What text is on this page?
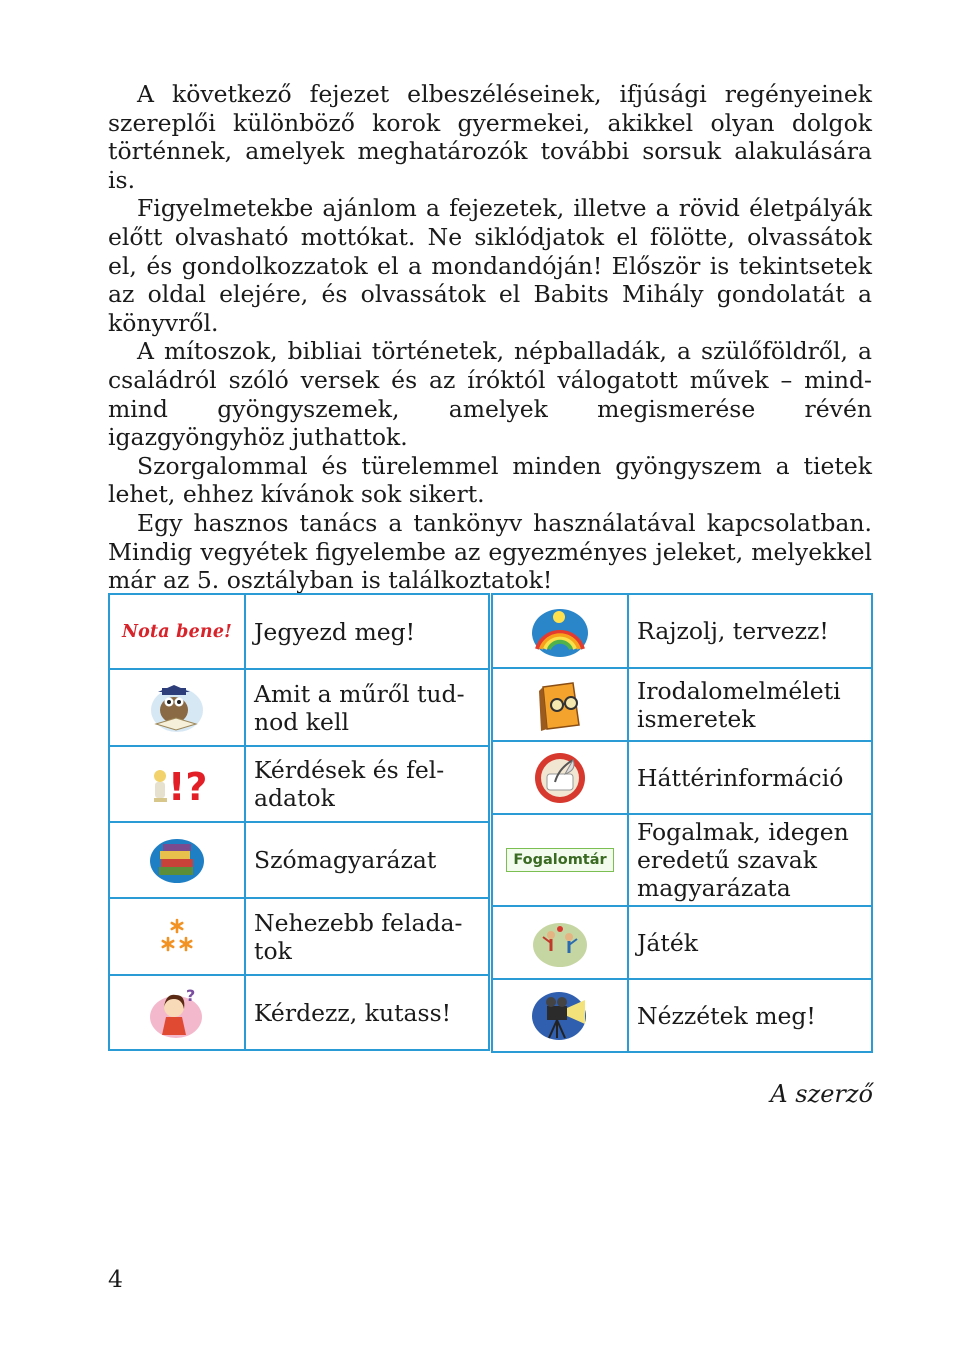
A következő fejezet elbeszéléseinek, ifjúsági regényeinek szereplői különböző korok gyermekei, akikkel olyan dolgok történnek, amelyek meghatározók további sorsuk alakulására is.

Figyelmetekbe ajánlom a fejezetek, illetve a rövid életpályák előtt olvasható mottókat. Ne siklódjatok el fölötte, olvassátok el, és gondolkozzatok el a mondandóján! Először is tekintsetek az oldal elejére, és olvassátok el Babits Mihály gondolatát a könyvről.

A mítoszok, bibliai történetek, népballadák, a szülőföldről, a családról szóló versek és az íróktól válogatott művek – mindmind gyöngyszemek, amelyek megismerése révén igazgyöngyhöz juthattok.

Szorgalommal és türelemmel minden gyöngyszem a tietek lehet, ehhez kívánok sok sikert.

Egy hasznos tanács a tankönyv használatával kapcsolatban. Mindig vegyétek figyelembe az egyezményes jeleket, melyekkel már az 5. osztályban is találkoztatok!

Nota bene!	Jegyezd meg!

	Amit a műről tudnod kell

!?	Kérdések és feladatok

	Szómagyarázat

	Nehezebb feladatok

?	Kérdezz, kutass!
	Rajzolj, tervezz!

	Irodalomelméleti ismeretek

	Háttérinformáció
Fogalomtár	Fogalmak, idegen eredetű szavak magyarázata

	Játék

	Nézzétek meg!
A szerző
4
